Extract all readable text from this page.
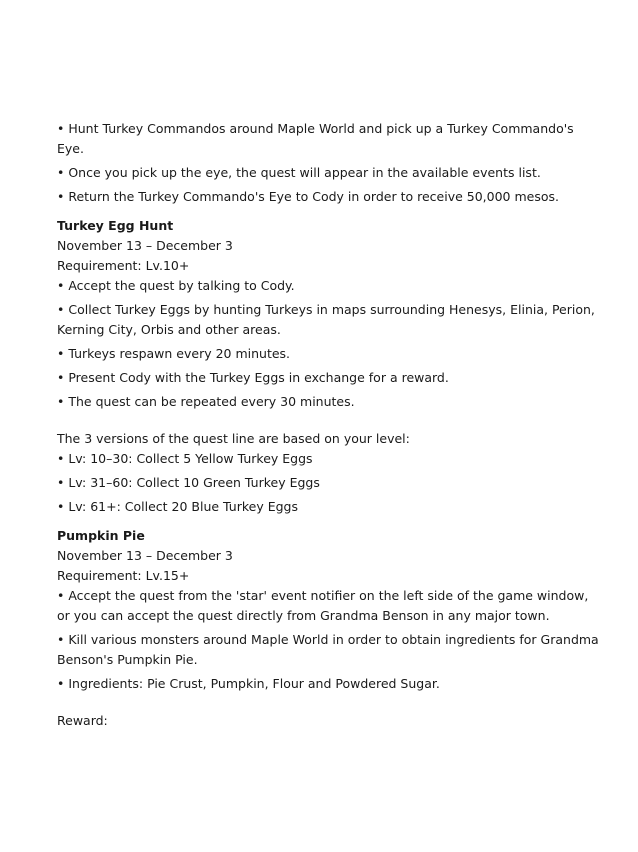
• Hunt Turkey Commandos around Maple World and pick up a Turkey Commando's Eye.

• Once you pick up the eye, the quest will appear in the available events list.

• Return the Turkey Commando's Eye to Cody in order to receive 50,000 mesos.

Turkey Egg Hunt

November 13 – December 3

Requirement: Lv.10+

• Accept the quest by talking to Cody.

• Collect Turkey Eggs by hunting Turkeys in maps surrounding Henesys, Elinia, Perion, Kerning City, Orbis and other areas.

• Turkeys respawn every 20 minutes.

• Present Cody with the Turkey Eggs in exchange for a reward.

• The quest can be repeated every 30 minutes.

The 3 versions of the quest line are based on your level:

• Lv: 10–30: Collect 5 Yellow Turkey Eggs

• Lv: 31–60: Collect 10 Green Turkey Eggs

• Lv: 61+: Collect 20 Blue Turkey Eggs

Pumpkin Pie

November 13 – December 3

Requirement: Lv.15+

• Accept the quest from the 'star' event notifier on the left side of the game window, or you can accept the quest directly from Grandma Benson in any major town.

• Kill various monsters around Maple World in order to obtain ingredients for Grandma Benson's Pumpkin Pie.

• Ingredients: Pie Crust, Pumpkin, Flour and Powdered Sugar.

Reward:
